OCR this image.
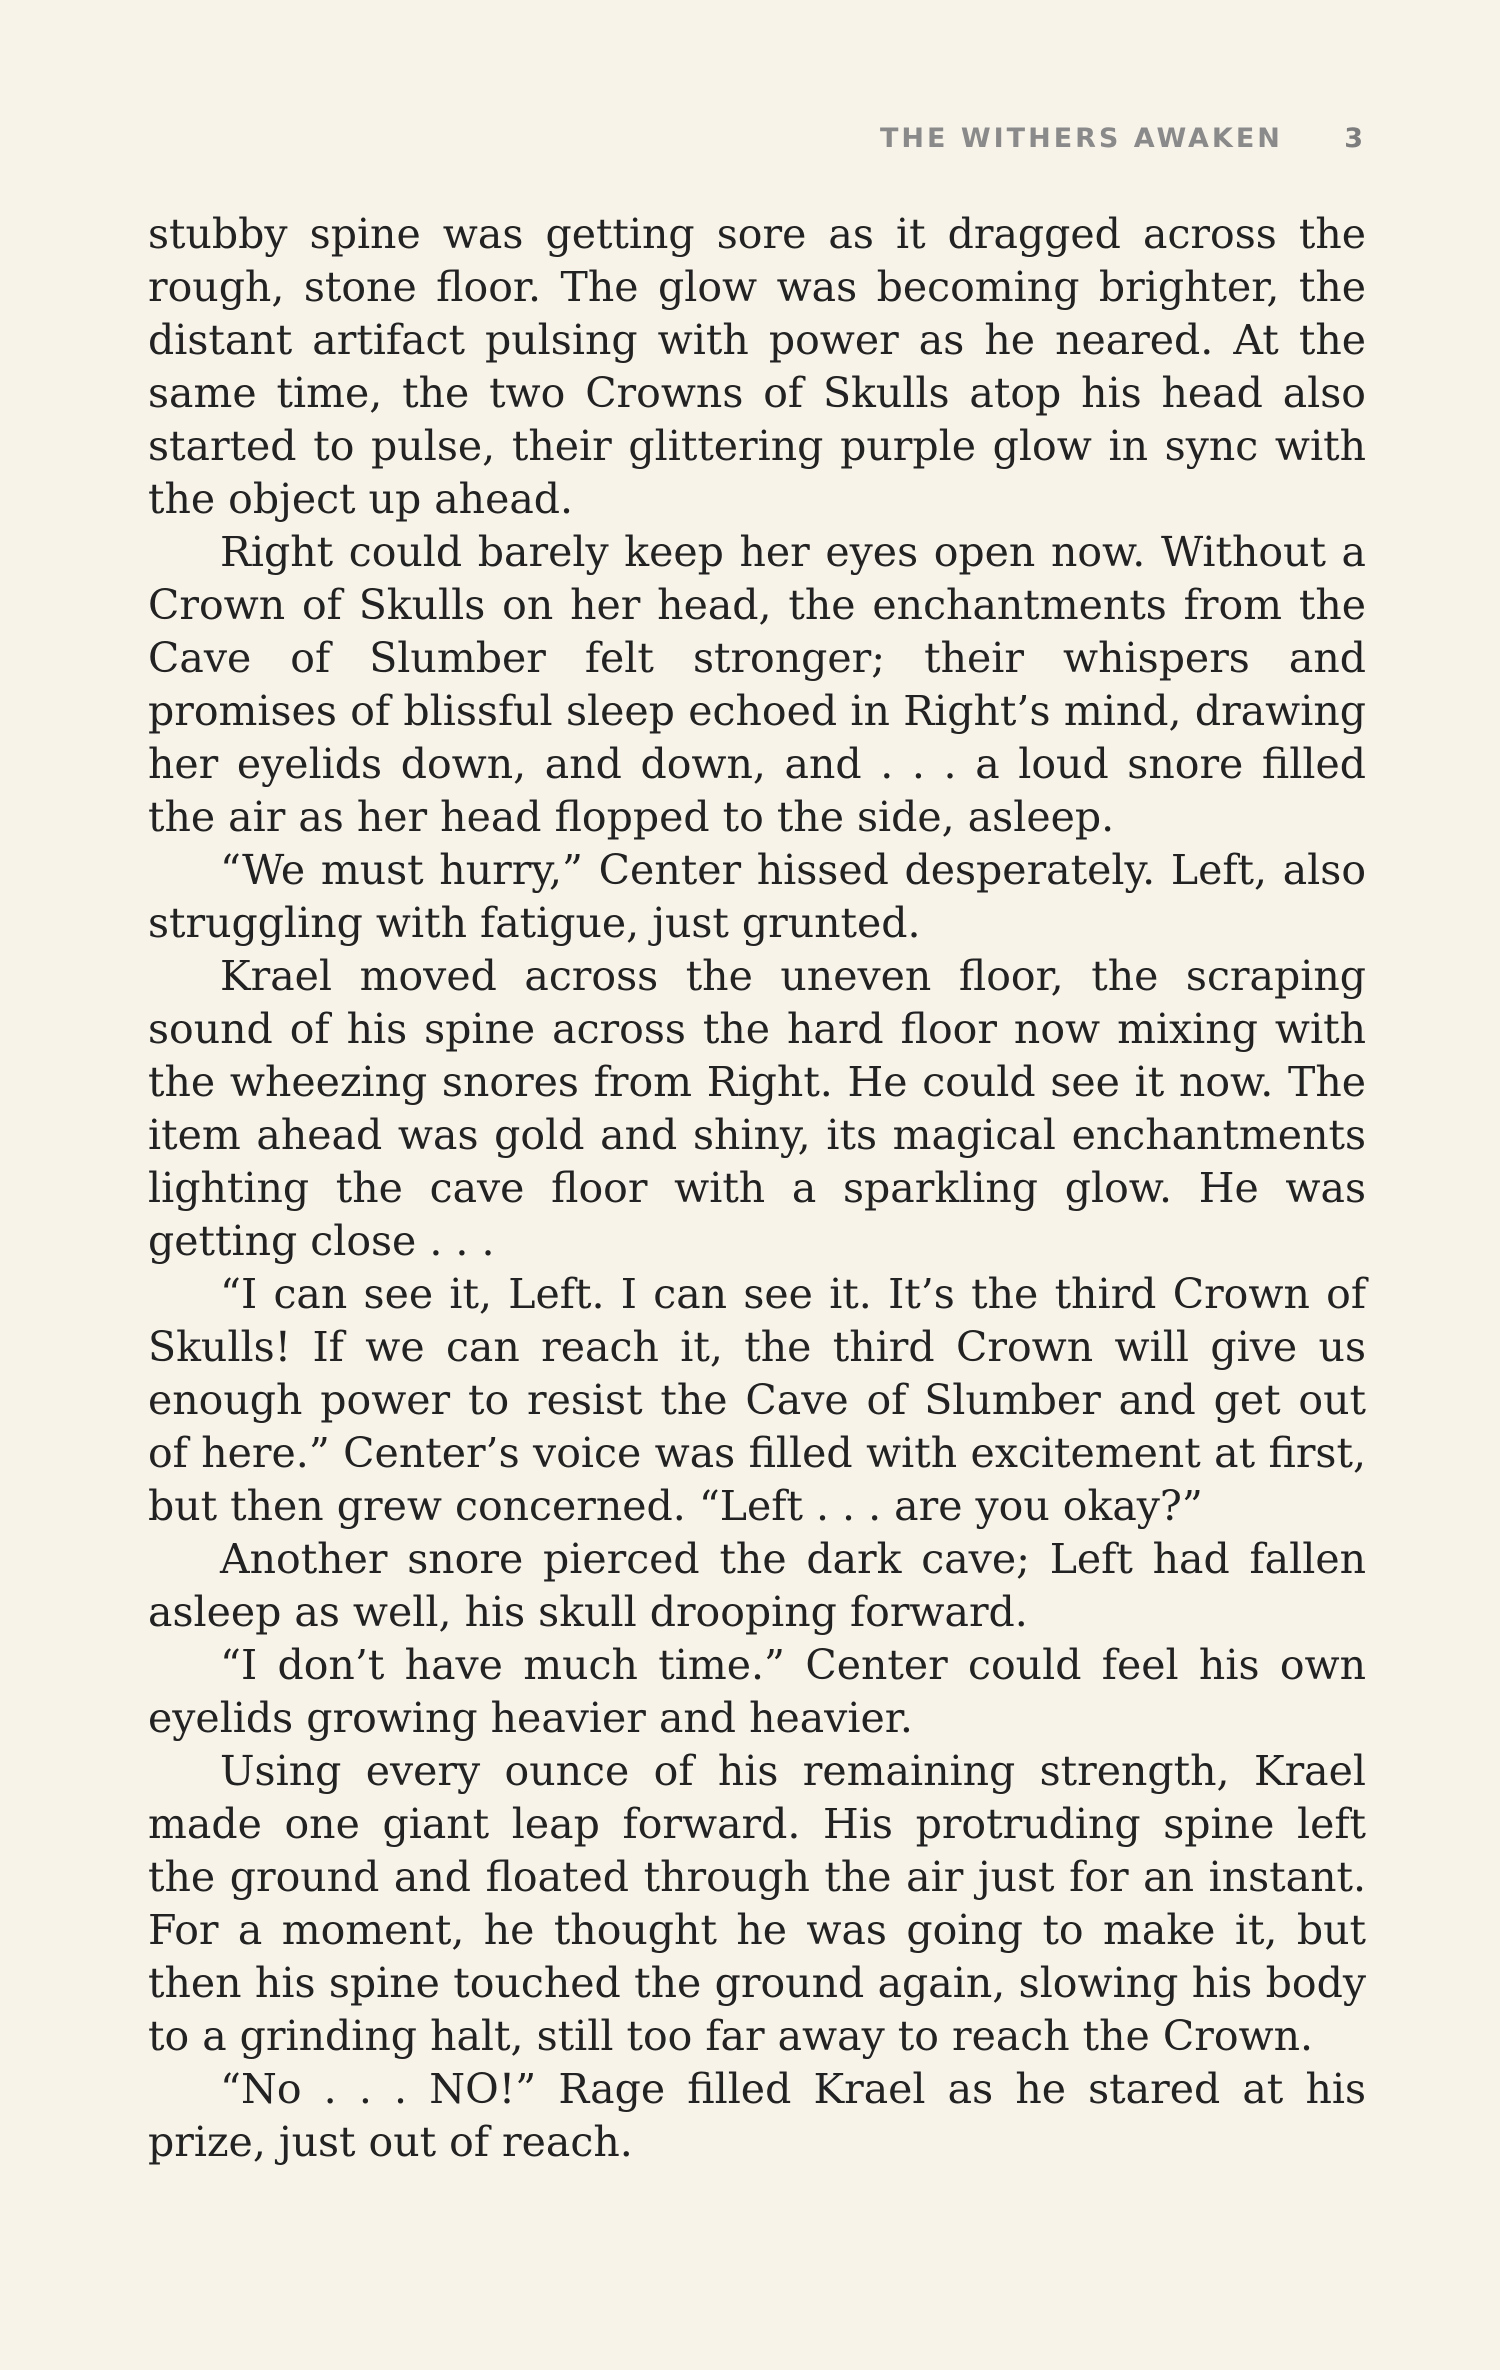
THE WITHERS AWAKEN 3

stubby spine was getting sore as it dragged across the rough, stone floor. The glow was becoming brighter, the distant artifact pulsing with power as he neared. At the same time, the two Crowns of Skulls atop his head also started to pulse, their glittering purple glow in sync with the object up ahead.

Right could barely keep her eyes open now. Without a Crown of Skulls on her head, the enchantments from the Cave of Slumber felt stronger; their whispers and promises of blissful sleep echoed in Right’s mind, drawing her eyelids down, and down, and . . . a loud snore filled the air as her head flopped to the side, asleep.

“We must hurry,” Center hissed desperately. Left, also struggling with fatigue, just grunted.

Krael moved across the uneven floor, the scraping sound of his spine across the hard floor now mixing with the wheezing snores from Right. He could see it now. The item ahead was gold and shiny, its magical enchantments lighting the cave floor with a sparkling glow. He was getting close . . .

“I can see it, Left. I can see it. It’s the third Crown of Skulls! If we can reach it, the third Crown will give us enough power to resist the Cave of Slumber and get out of here.” Center’s voice was filled with excitement at first, but then grew concerned. “Left . . . are you okay?”

Another snore pierced the dark cave; Left had fallen asleep as well, his skull drooping forward.

“I don’t have much time.” Center could feel his own eyelids growing heavier and heavier.

Using every ounce of his remaining strength, Krael made one giant leap forward. His protruding spine left the ground and floated through the air just for an instant. For a moment, he thought he was going to make it, but then his spine touched the ground again, slowing his body to a grinding halt, still too far away to reach the Crown.

“No . . . NO!” Rage filled Krael as he stared at his prize, just out of reach.
